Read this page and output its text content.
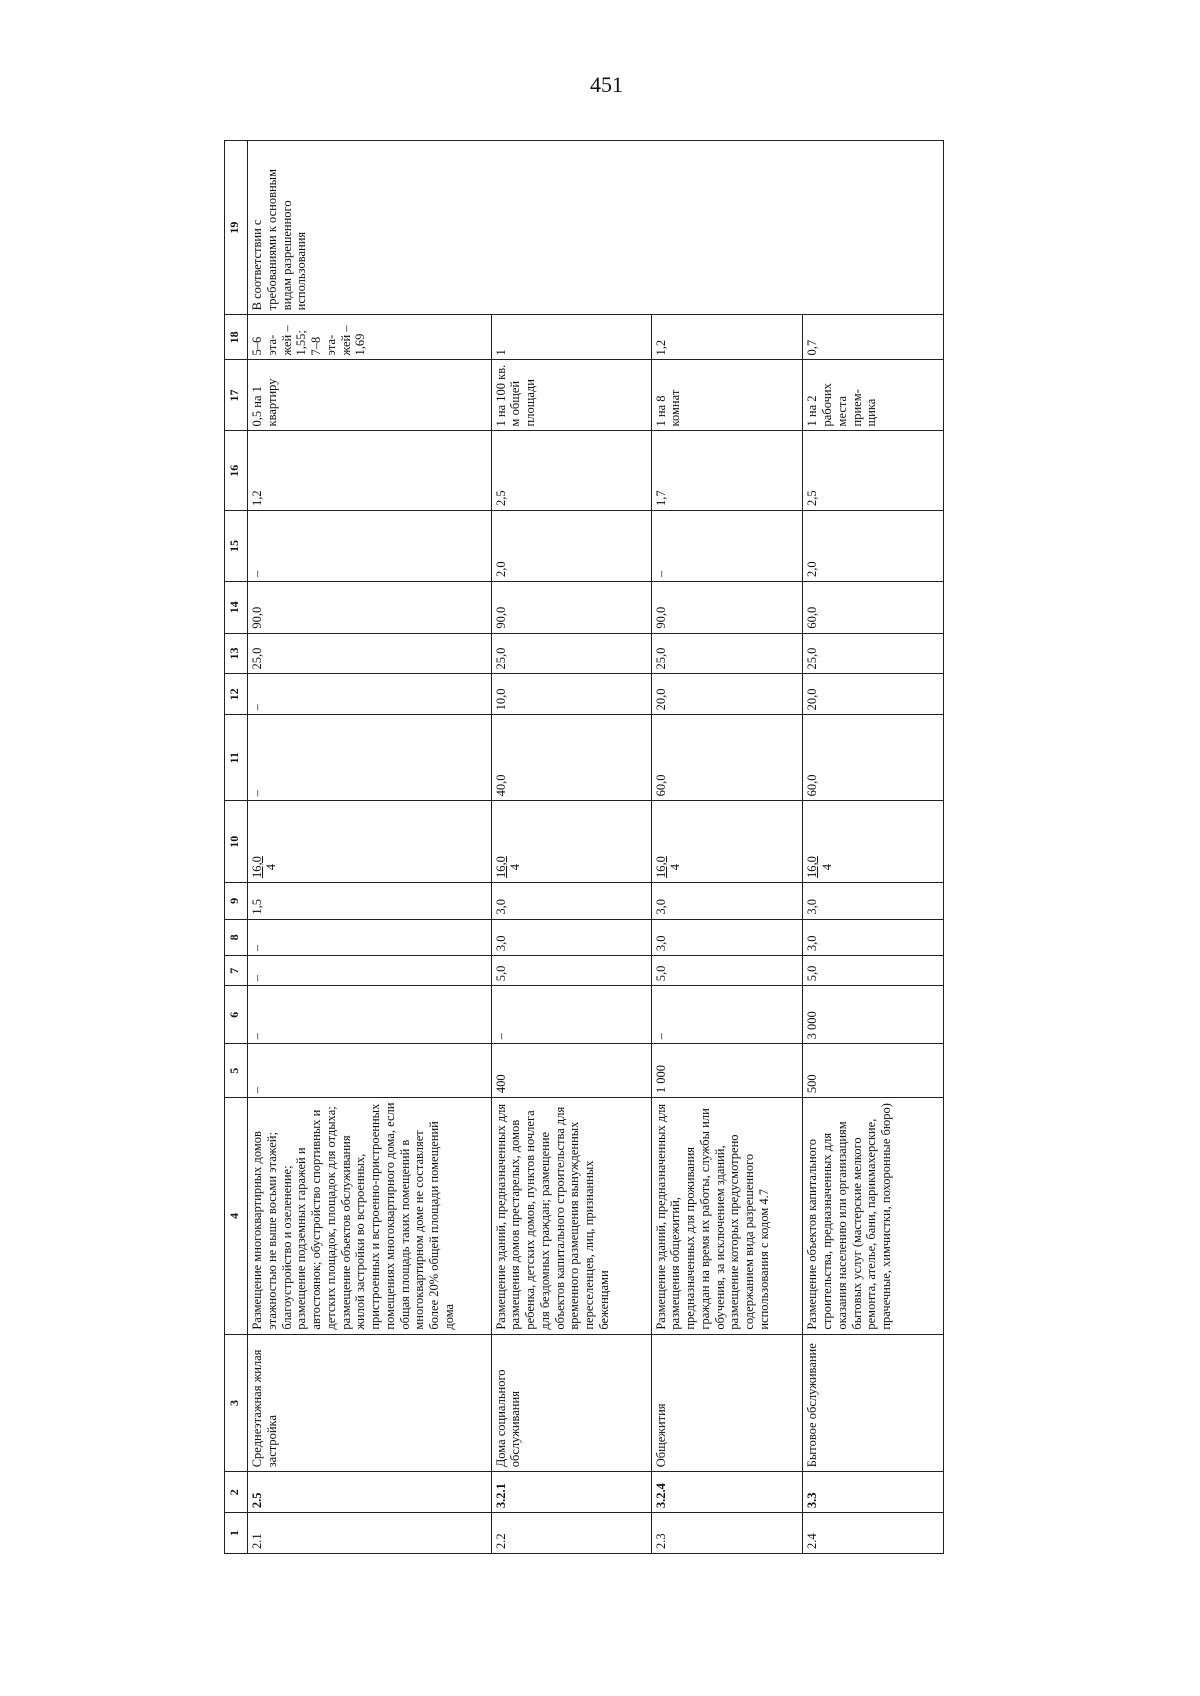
451
1	2	3	4	5	6	7	8	9	10	11	12	13	14	15	16	17	18	19
2.1	2.5	Среднеэтажная жилая застройка	Размещение многоквартирных домов этажностью не выше восьми этажей; благоустройство и озеленение; размещение подземных гаражей и автостоянок; обустройство спортивных и детских площадок, площадок для отдыха; размещение объектов обслуживания жилой застройки во встроенных, пристроенных и встроенно-пристроенных помещениях многоквартирного дома, если общая площадь таких помещений в многоквартирном доме не составляет более 20% общей площади помещений дома	–	–	–	–	1,5	16,0 4	–	–	25,0	90,0	–	1,2	0,5 на 1 квартиру	5–6 эта-жей – 1,55; 7–8 эта-жей – 1,69	В соответствии с требованиями к основным видам разрешенного использования
2.2	3.2.1	Дома социального обслуживания	Размещение зданий, предназначенных для размещения домов престарелых, домов ребенка, детских домов, пунктов ночлега для бездомных граждан; размещение объектов капитального строительства для временного размещения вынужденных переселенцев, лиц, признанных беженцами	400	–	5,0	3,0	3,0	16,0 4	40,0	10,0	25,0	90,0	2,0	2,5	1 на 100 кв. м общей площади	1	
2.3	3.2.4	Общежития	Размещение зданий, предназначенных для размещения общежитий, предназначенных для проживания граждан на время их работы, службы или обучения, за исключением зданий, размещение которых предусмотрено содержанием вида разрешенного использования с кодом 4.7	1 000	–	5,0	3,0	3,0	16,0 4	60,0	20,0	25,0	90,0	–	1,7	1 на 8 комнат	1,2	
2.4	3.3	Бытовое обслуживание	Размещение объектов капитального строительства, предназначенных для оказания населению или организациям бытовых услуг (мастерские мелкого ремонта, ателье, бани, парикмахерские, прачечные, химчистки, похоронные бюро)	500	3 000	5,0	3,0	3,0	16,0 4	60,0	20,0	25,0	60,0	2,0	2,5	1 на 2 рабочих места прием-щика	0,7	
